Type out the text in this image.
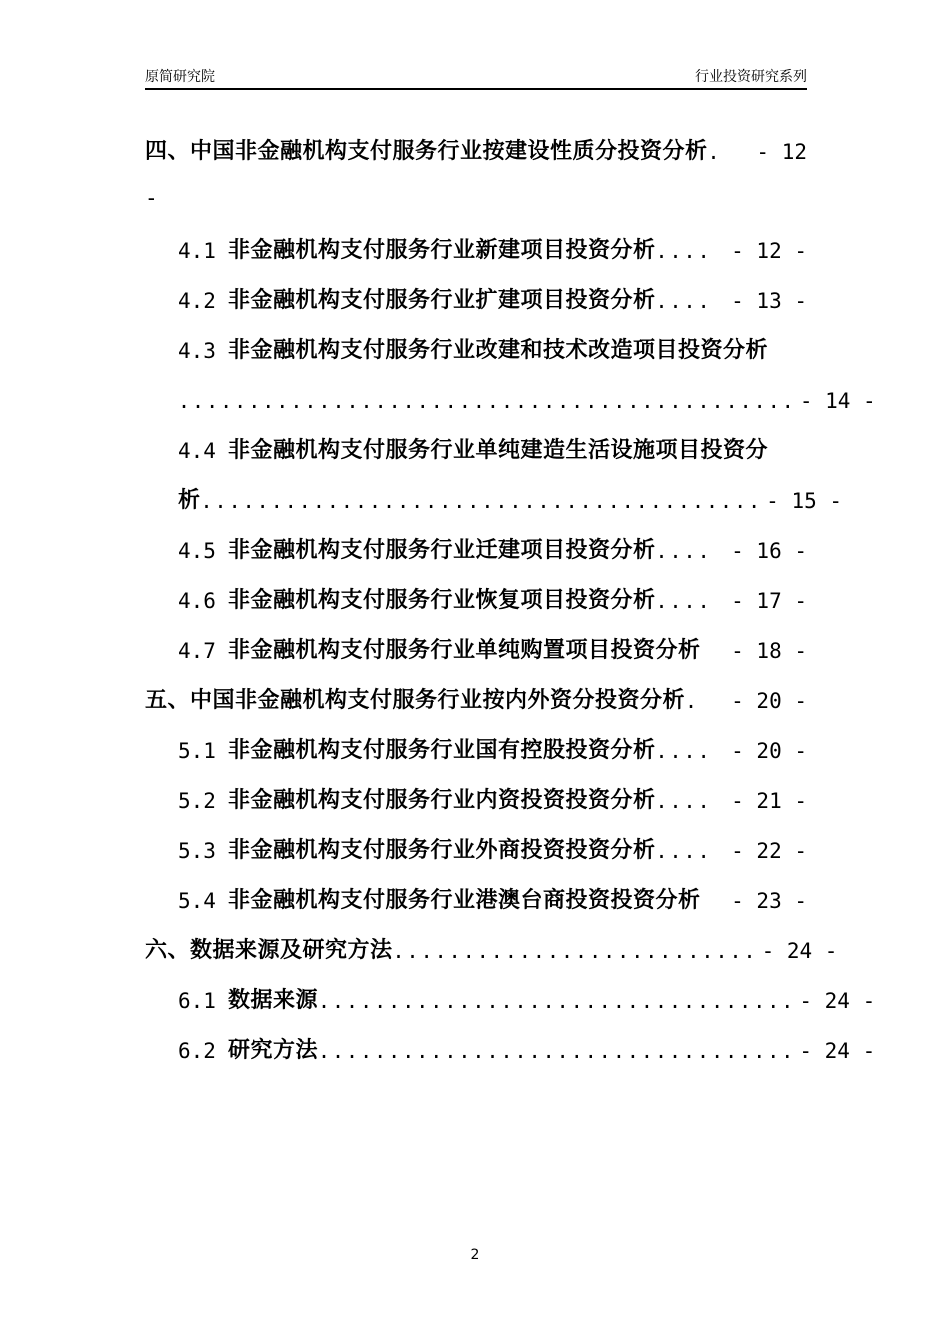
原简研究院	行业投资研究系列
四、中国非金融机构支付服务行业按建设性质分投资分析 . - 12
-
4.1 非金融机构支付服务行业新建项目投资分析 .... - 12 -
4.2 非金融机构支付服务行业扩建项目投资分析 .... - 13 -
4.3 非金融机构支付服务行业改建和技术改造项目投资分析
............................................ - 14 -
4.4 非金融机构支付服务行业单纯建造生活设施项目投资分
析 ........................................ - 15 -
4.5 非金融机构支付服务行业迁建项目投资分析 .... - 16 -
4.6 非金融机构支付服务行业恢复项目投资分析 .... - 17 -
4.7 非金融机构支付服务行业单纯购置项目投资分析 - 18 -
五、中国非金融机构支付服务行业按内外资分投资分析 .	- 20 -
5.1 非金融机构支付服务行业国有控股投资分析 .... - 20 -
5.2 非金融机构支付服务行业内资投资投资分析 .... - 21 -
5.3 非金融机构支付服务行业外商投资投资分析 .... - 22 -
5.4 非金融机构支付服务行业港澳台商投资投资分析 - 23 -
六、数据来源及研究方法 .......................... - 24 -
6.1 数据来源 .................................. - 24 -
6.2 研究方法 .................................. - 24 -
2
